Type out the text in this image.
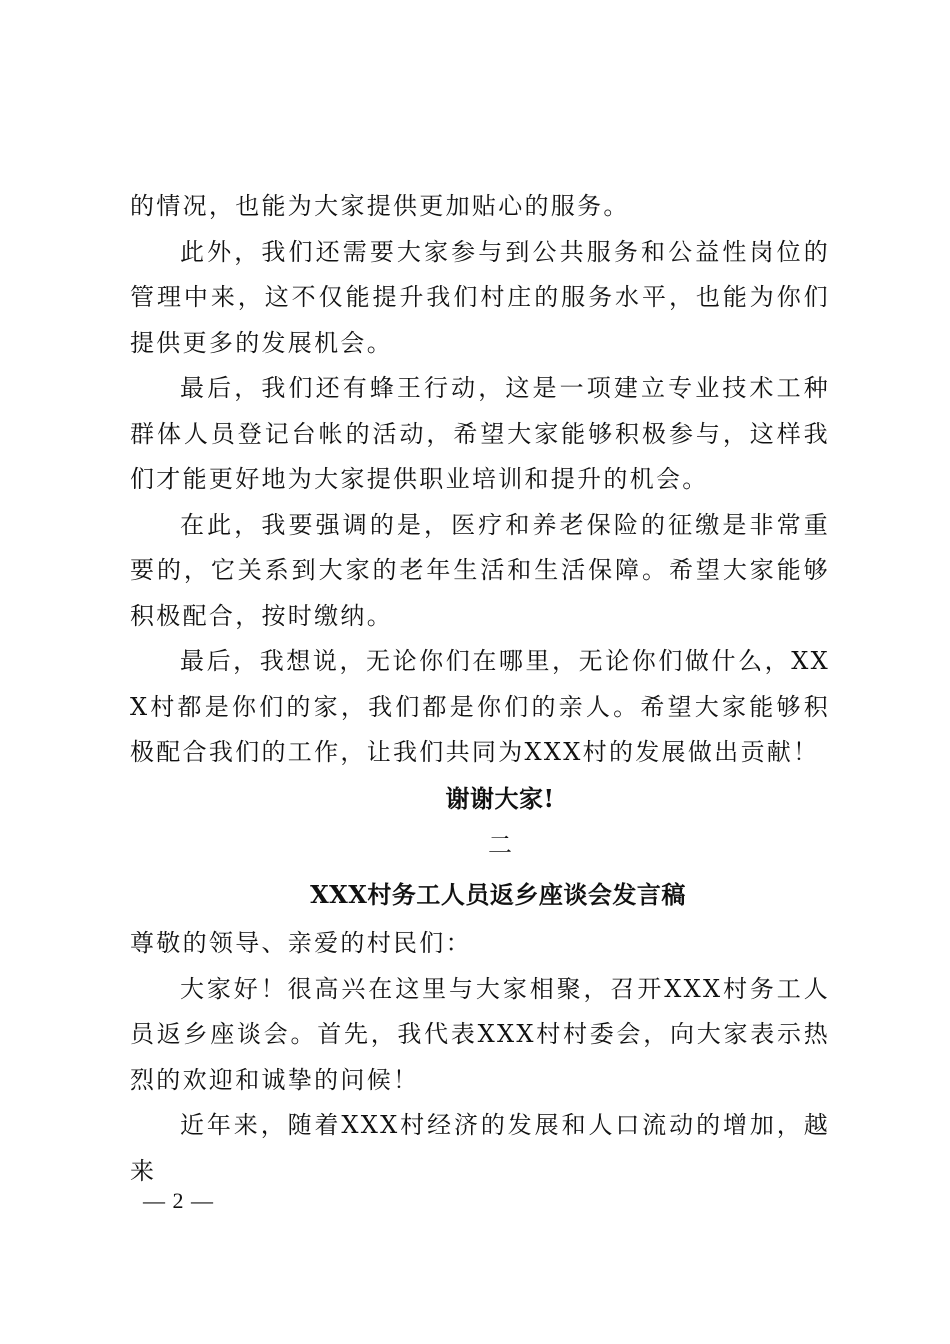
的情况，也能为大家提供更加贴心的服务。

此外，我们还需要大家参与到公共服务和公益性岗位的管理中来，这不仅能提升我们村庄的服务水平，也能为你们提供更多的发展机会。

最后，我们还有蜂王行动，这是一项建立专业技术工种群体人员登记台帐的活动，希望大家能够积极参与，这样我们才能更好地为大家提供职业培训和提升的机会。

在此，我要强调的是，医疗和养老保险的征缴是非常重要的，它关系到大家的老年生活和生活保障。希望大家能够积极配合，按时缴纳。

最后，我想说，无论你们在哪里，无论你们做什么，XXX村都是你们的家，我们都是你们的亲人。希望大家能够积极配合我们的工作，让我们共同为XXX村的发展做出贡献！

谢谢大家!

二

XXX村务工人员返乡座谈会发言稿

尊敬的领导、亲爱的村民们：

大家好！很高兴在这里与大家相聚，召开XXX村务工人员返乡座谈会。首先，我代表XXX村村委会，向大家表示热烈的欢迎和诚挚的问候！

近年来，随着XXX村经济的发展和人口流动的增加，越来

— 2 —
